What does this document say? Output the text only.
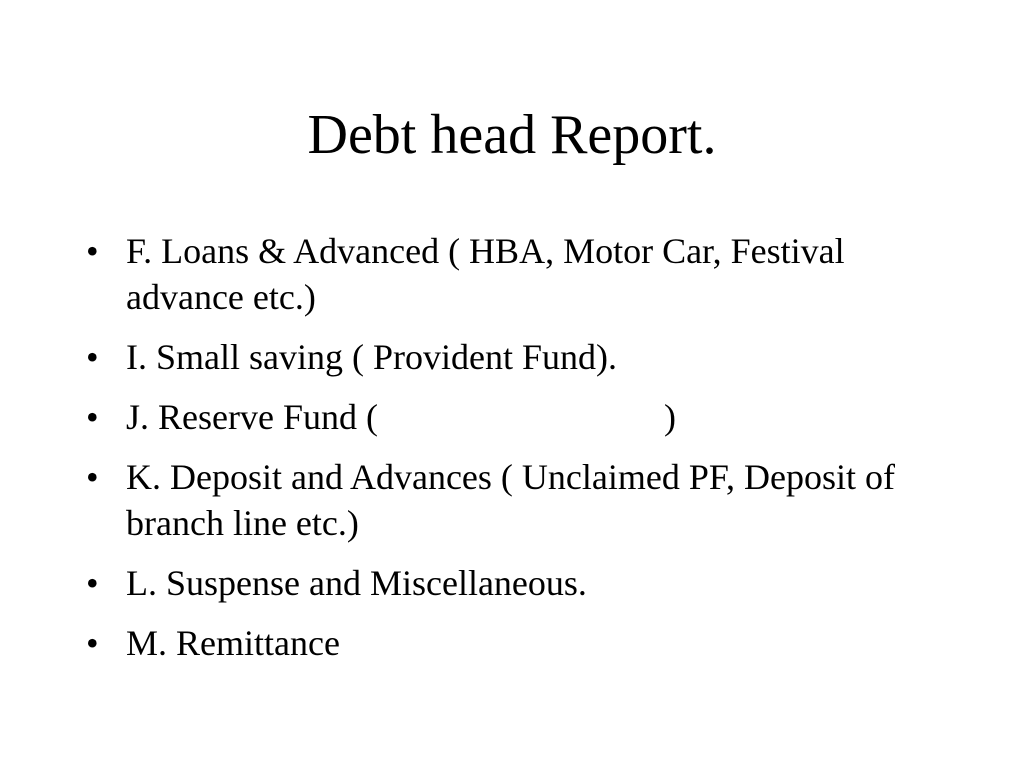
Debt head Report.
• F. Loans & Advanced ( HBA, Motor Car, Festival advance etc.)
• I. Small saving ( Provident Fund).
• J. Reserve Fund (	)
• K. Deposit and Advances ( Unclaimed PF, Deposit of branch line etc.)
• L. Suspense and Miscellaneous.
• M. Remittance
